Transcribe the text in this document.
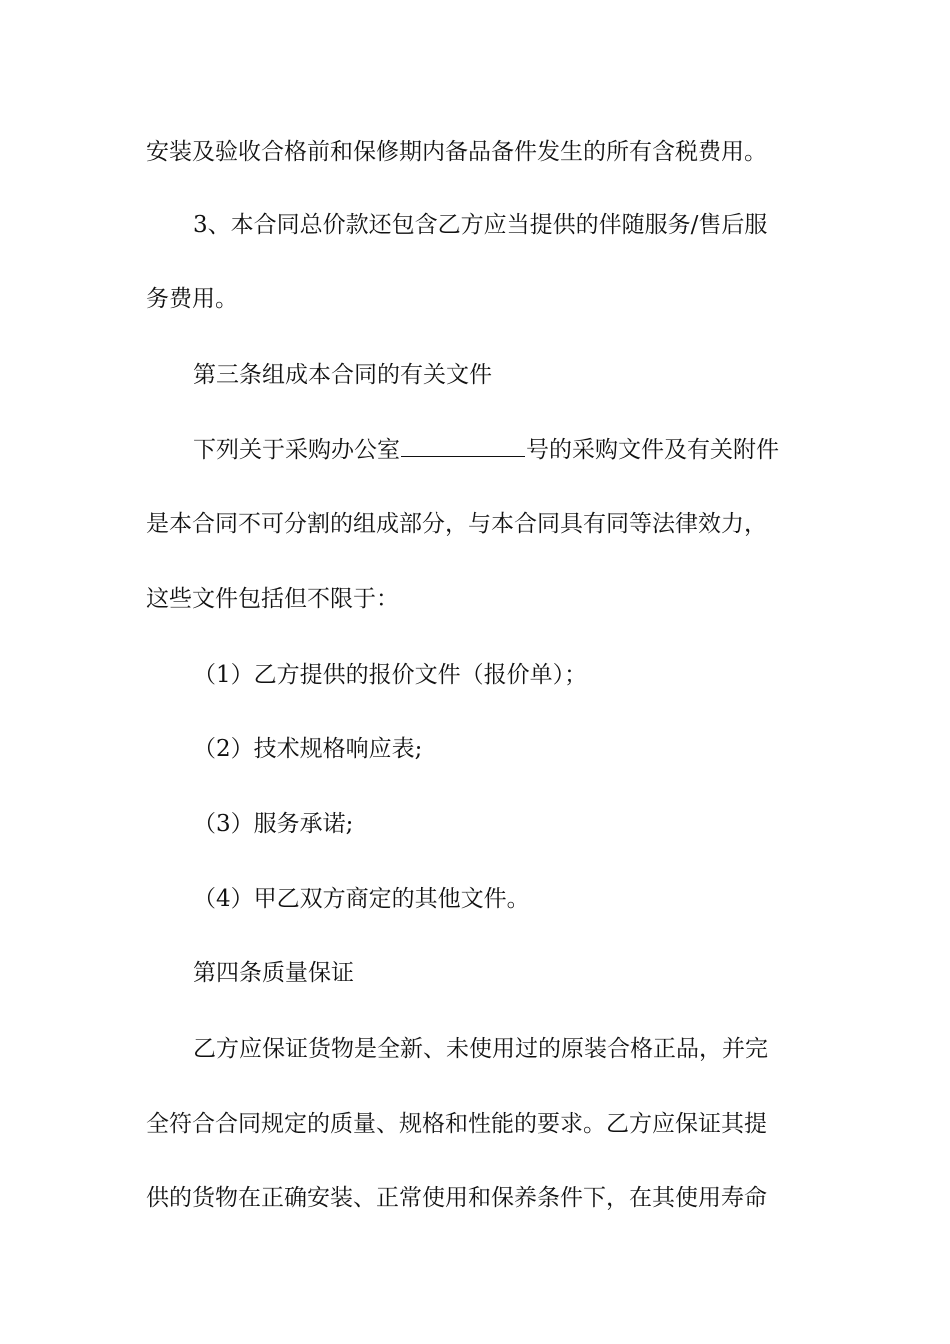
安装及验收合格前和保修期内备品备件发生的所有含税费用。
3、本合同总价款还包含乙方应当提供的伴随服务/售后服
务费用。
第三条组成本合同的有关文件
下列关于采购办公室	号的采购文件及有关附件
是本合同不可分割的组成部分，与本合同具有同等法律效力，
这些文件包括但不限于：
（1）乙方提供的报价文件（报价单）；
（2）技术规格响应表;
（3）服务承诺;
（4）甲乙双方商定的其他文件。
第四条质量保证
乙方应保证货物是全新、未使用过的原装合格正品，并完
全符合合同规定的质量、规格和性能的要求。乙方应保证其提
供的货物在正确安装、正常使用和保养条件下，在其使用寿命
